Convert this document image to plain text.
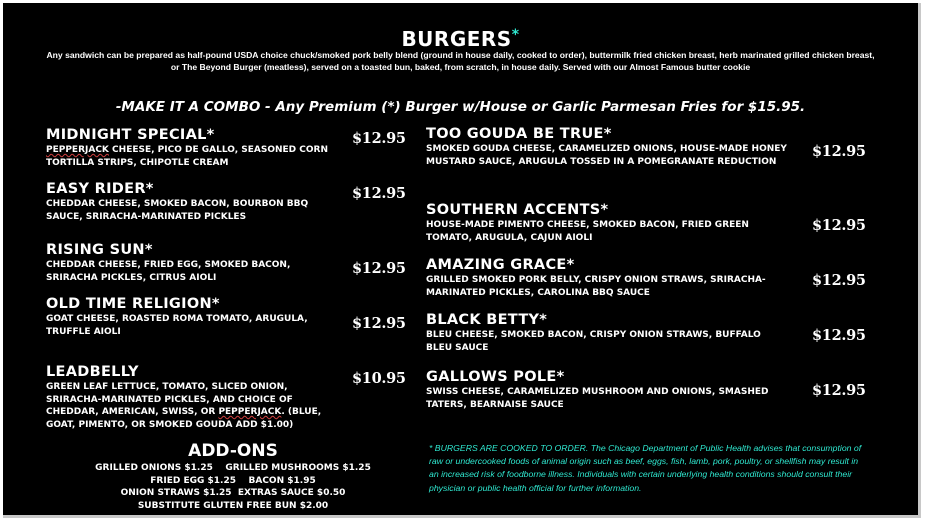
BURGERS*
Any sandwich can be prepared as half-pound USDA choice chuck/smoked pork belly blend (ground in house daily, cooked to order), buttermilk fried chicken breast, herb marinated grilled chicken breast, or The Beyond Burger (meatless), served on a toasted bun, baked, from scratch, in house daily. Served with our Almost Famous butter cookie
-MAKE IT A COMBO - Any Premium (*) Burger w/House or Garlic Parmesan Fries for $15.95.
MIDNIGHT SPECIAL*
PEPPERJACK CHEESE, PICO DE GALLO, SEASONED CORN TORTILLA STRIPS, CHIPOTLE CREAM
$12.95
EASY RIDER*
CHEDDAR CHEESE, SMOKED BACON, BOURBON BBQ SAUCE, SRIRACHA-MARINATED PICKLES
$12.95
RISING SUN*
CHEDDAR CHEESE, FRIED EGG, SMOKED BACON, SRIRACHA PICKLES, CITRUS AIOLI
$12.95
OLD TIME RELIGION*
GOAT CHEESE, ROASTED ROMA TOMATO, ARUGULA, TRUFFLE AIOLI	$12.95
LEADBELLY
GREEN LEAF LETTUCE, TOMATO, SLICED ONION, SRIRACHA-MARINATED PICKLES, AND CHOICE OF CHEDDAR, AMERICAN, SWISS, OR PEPPERJACK. (BLUE, GOAT, PIMENTO, OR SMOKED GOUDA ADD $1.00)
$10.95
TOO GOUDA BE TRUE*
SMOKED GOUDA CHEESE, CARAMELIZED ONIONS, HOUSE-MADE HONEY MUSTARD SAUCE, ARUGULA TOSSED IN A POMEGRANATE REDUCTION
$12.95
SOUTHERN ACCENTS*
HOUSE-MADE PIMENTO CHEESE, SMOKED BACON, FRIED GREEN TOMATO, ARUGULA, CAJUN AIOLI
$12.95
AMAZING GRACE*
GRILLED SMOKED PORK BELLY, CRISPY ONION STRAWS, SRIRACHA-MARINATED PICKLES, CAROLINA BBQ SAUCE
$12.95
BLACK BETTY*
BLEU CHEESE, SMOKED BACON, CRISPY ONION STRAWS, BUFFALO BLEU SAUCE
$12.95
GALLOWS POLE*
SWISS CHEESE, CARAMELIZED MUSHROOM AND ONIONS, SMASHED TATERS, BEARNAISE SAUCE
$12.95
ADD-ONS
GRILLED ONIONS $1.25    GRILLED MUSHROOMS $1.25
FRIED EGG $1.25    BACON $1.95
ONION STRAWS $1.25  EXTRAS SAUCE $0.50
SUBSTITUTE GLUTEN FREE BUN $2.00
* BURGERS ARE COOKED TO ORDER. The Chicago Department of Public Health advises that consumption of raw or undercooked foods of animal origin such as beef, eggs, fish, lamb, pork, poultry, or shellfish may result in an increased risk of foodborne illness. Individuals with certain underlying health conditions should consult their physician or public health official for further information.
